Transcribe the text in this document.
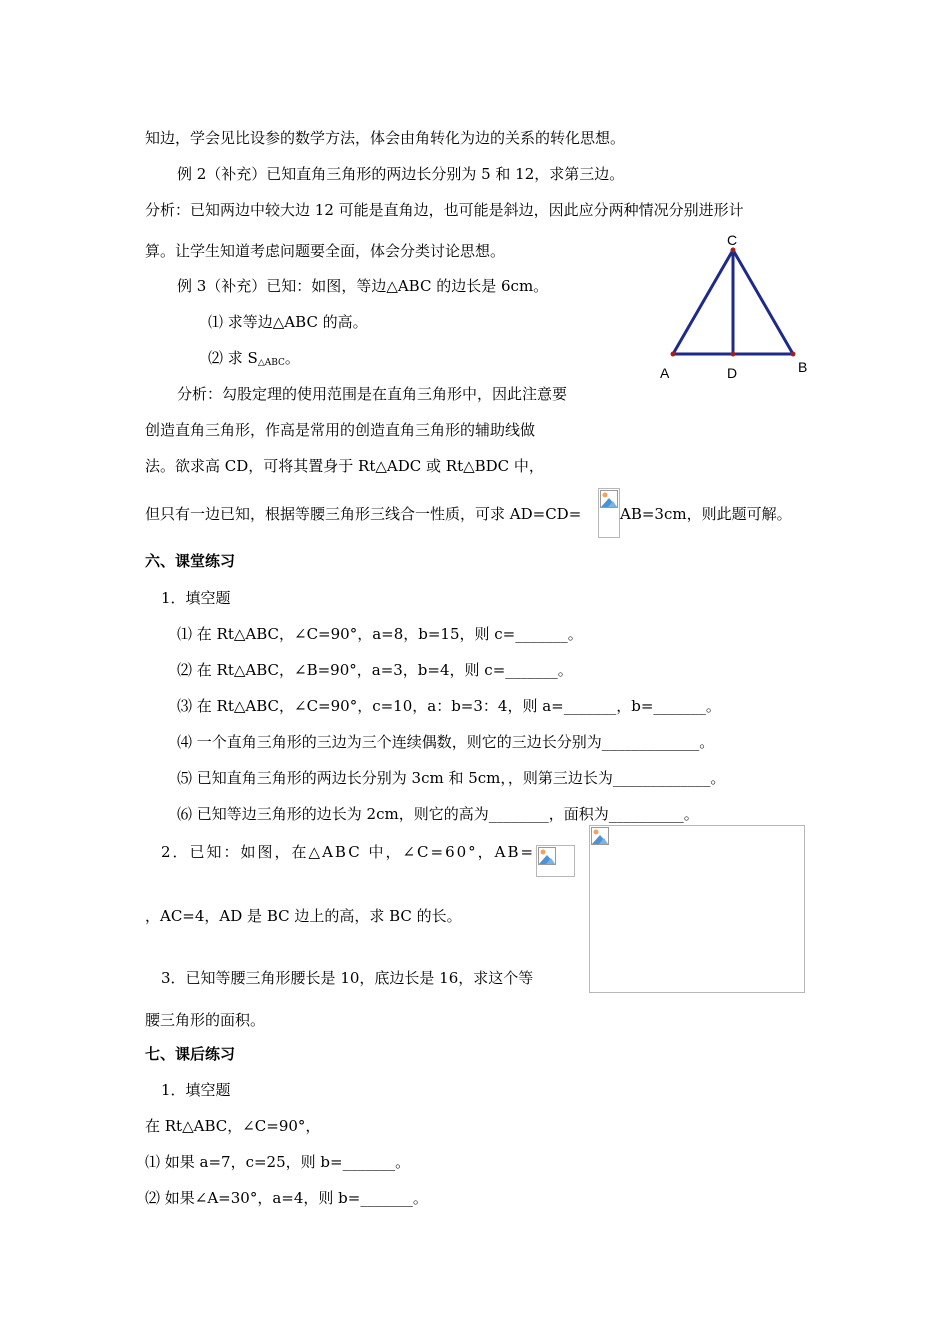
知边，学会见比设参的数学方法，体会由角转化为边的关系的转化思想。
例 2（补充）已知直角三角形的两边长分别为 5 和 12，求第三边。
分析：已知两边中较大边 12 可能是直角边，也可能是斜边，因此应分两种情况分别进形计
算。让学生知道考虑问题要全面，体会分类讨论思想。
例 3（补充）已知：如图，等边△ABC 的边长是 6cm。
⑴ 求等边△ABC 的高。
⑵ 求 $S_{\triangle ABC}$。
分析：勾股定理的使用范围是在直角三角形中，因此注意要
创造直角三角形，作高是常用的创造直角三角形的辅助线做
法。欲求高 CD，可将其置身于 Rt△ADC 或 Rt△BDC 中，
但只有一边已知，根据等腰三角形三线合一性质，可求 AD=CD=	AB=3cm，则此题可解。
六、课堂练习
1．填空题
⑴ 在 Rt△ABC，∠C=90°，a=8，b=15，则 c=_______。
⑵ 在 Rt△ABC，∠B=90°，a=3，b=4，则 c=_______。
⑶ 在 Rt△ABC，∠C=90°，c=10，a：b=3：4，则 a=_______，b=_______。
⑷ 一个直角三角形的三边为三个连续偶数，则它的三边长分别为_____________。
⑸ 已知直角三角形的两边长分别为 3cm 和 5cm，，则第三边长为_____________。
⑹ 已知等边三角形的边长为 2cm，则它的高为________，面积为__________。
2．已知：如图，在△ABC 中，∠C=60°，AB=
，AC=4，AD 是 BC 边上的高，求 BC 的长。
3．已知等腰三角形腰长是 10，底边长是 16，求这个等
腰三角形的面积。
七、课后练习
1．填空题
在 Rt△ABC，∠C=90°，
⑴ 如果 a=7，c=25，则 b=_______。
⑵ 如果∠A=30°，a=4，则 b=_______。
A	B
C
D
